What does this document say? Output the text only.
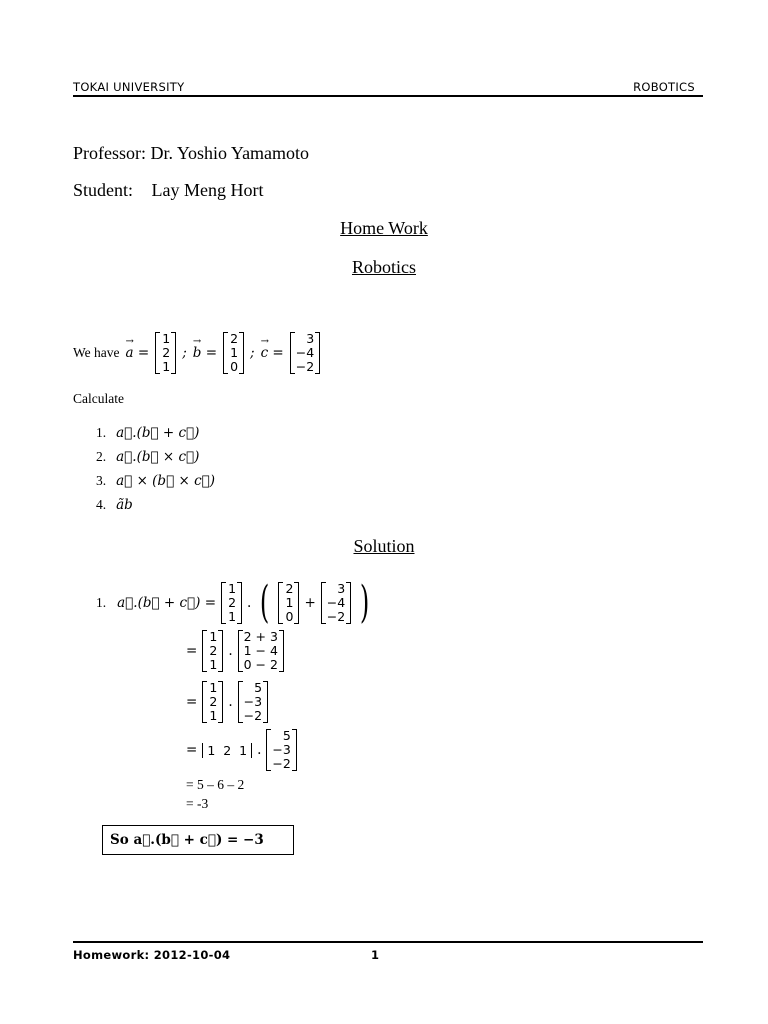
TOKAI UNIVERSITY	ROBOTICS
Professor: Dr. Yoshio Yamamoto
Student: Lay Meng Hort
Home Work
Robotics
We have → a =
1
2
1
; → b =
2
1
0
; → c =
3
−4
−2
Calculate
1. a⃗.(b⃗ + c⃗)
2. a⃗.(b⃗ × c⃗)
3. a⃗ × (b⃗ × c⃗)
4. ãb
Solution
1. a⃗.(b⃗ + c⃗) =
1
2
1
. ( 2
1
0
+
3
−4
−2 )
=
1
2
1
.
2 + 3
1 − 4
0 − 2
=
1
2
1
.
5
−3
−2
= 1 2 1 .
5
−3
−2
= 5 – 6 – 2
= -3
So a⃗.(b⃗ + c⃗) = −3
Homework: 2012-10-04	1
